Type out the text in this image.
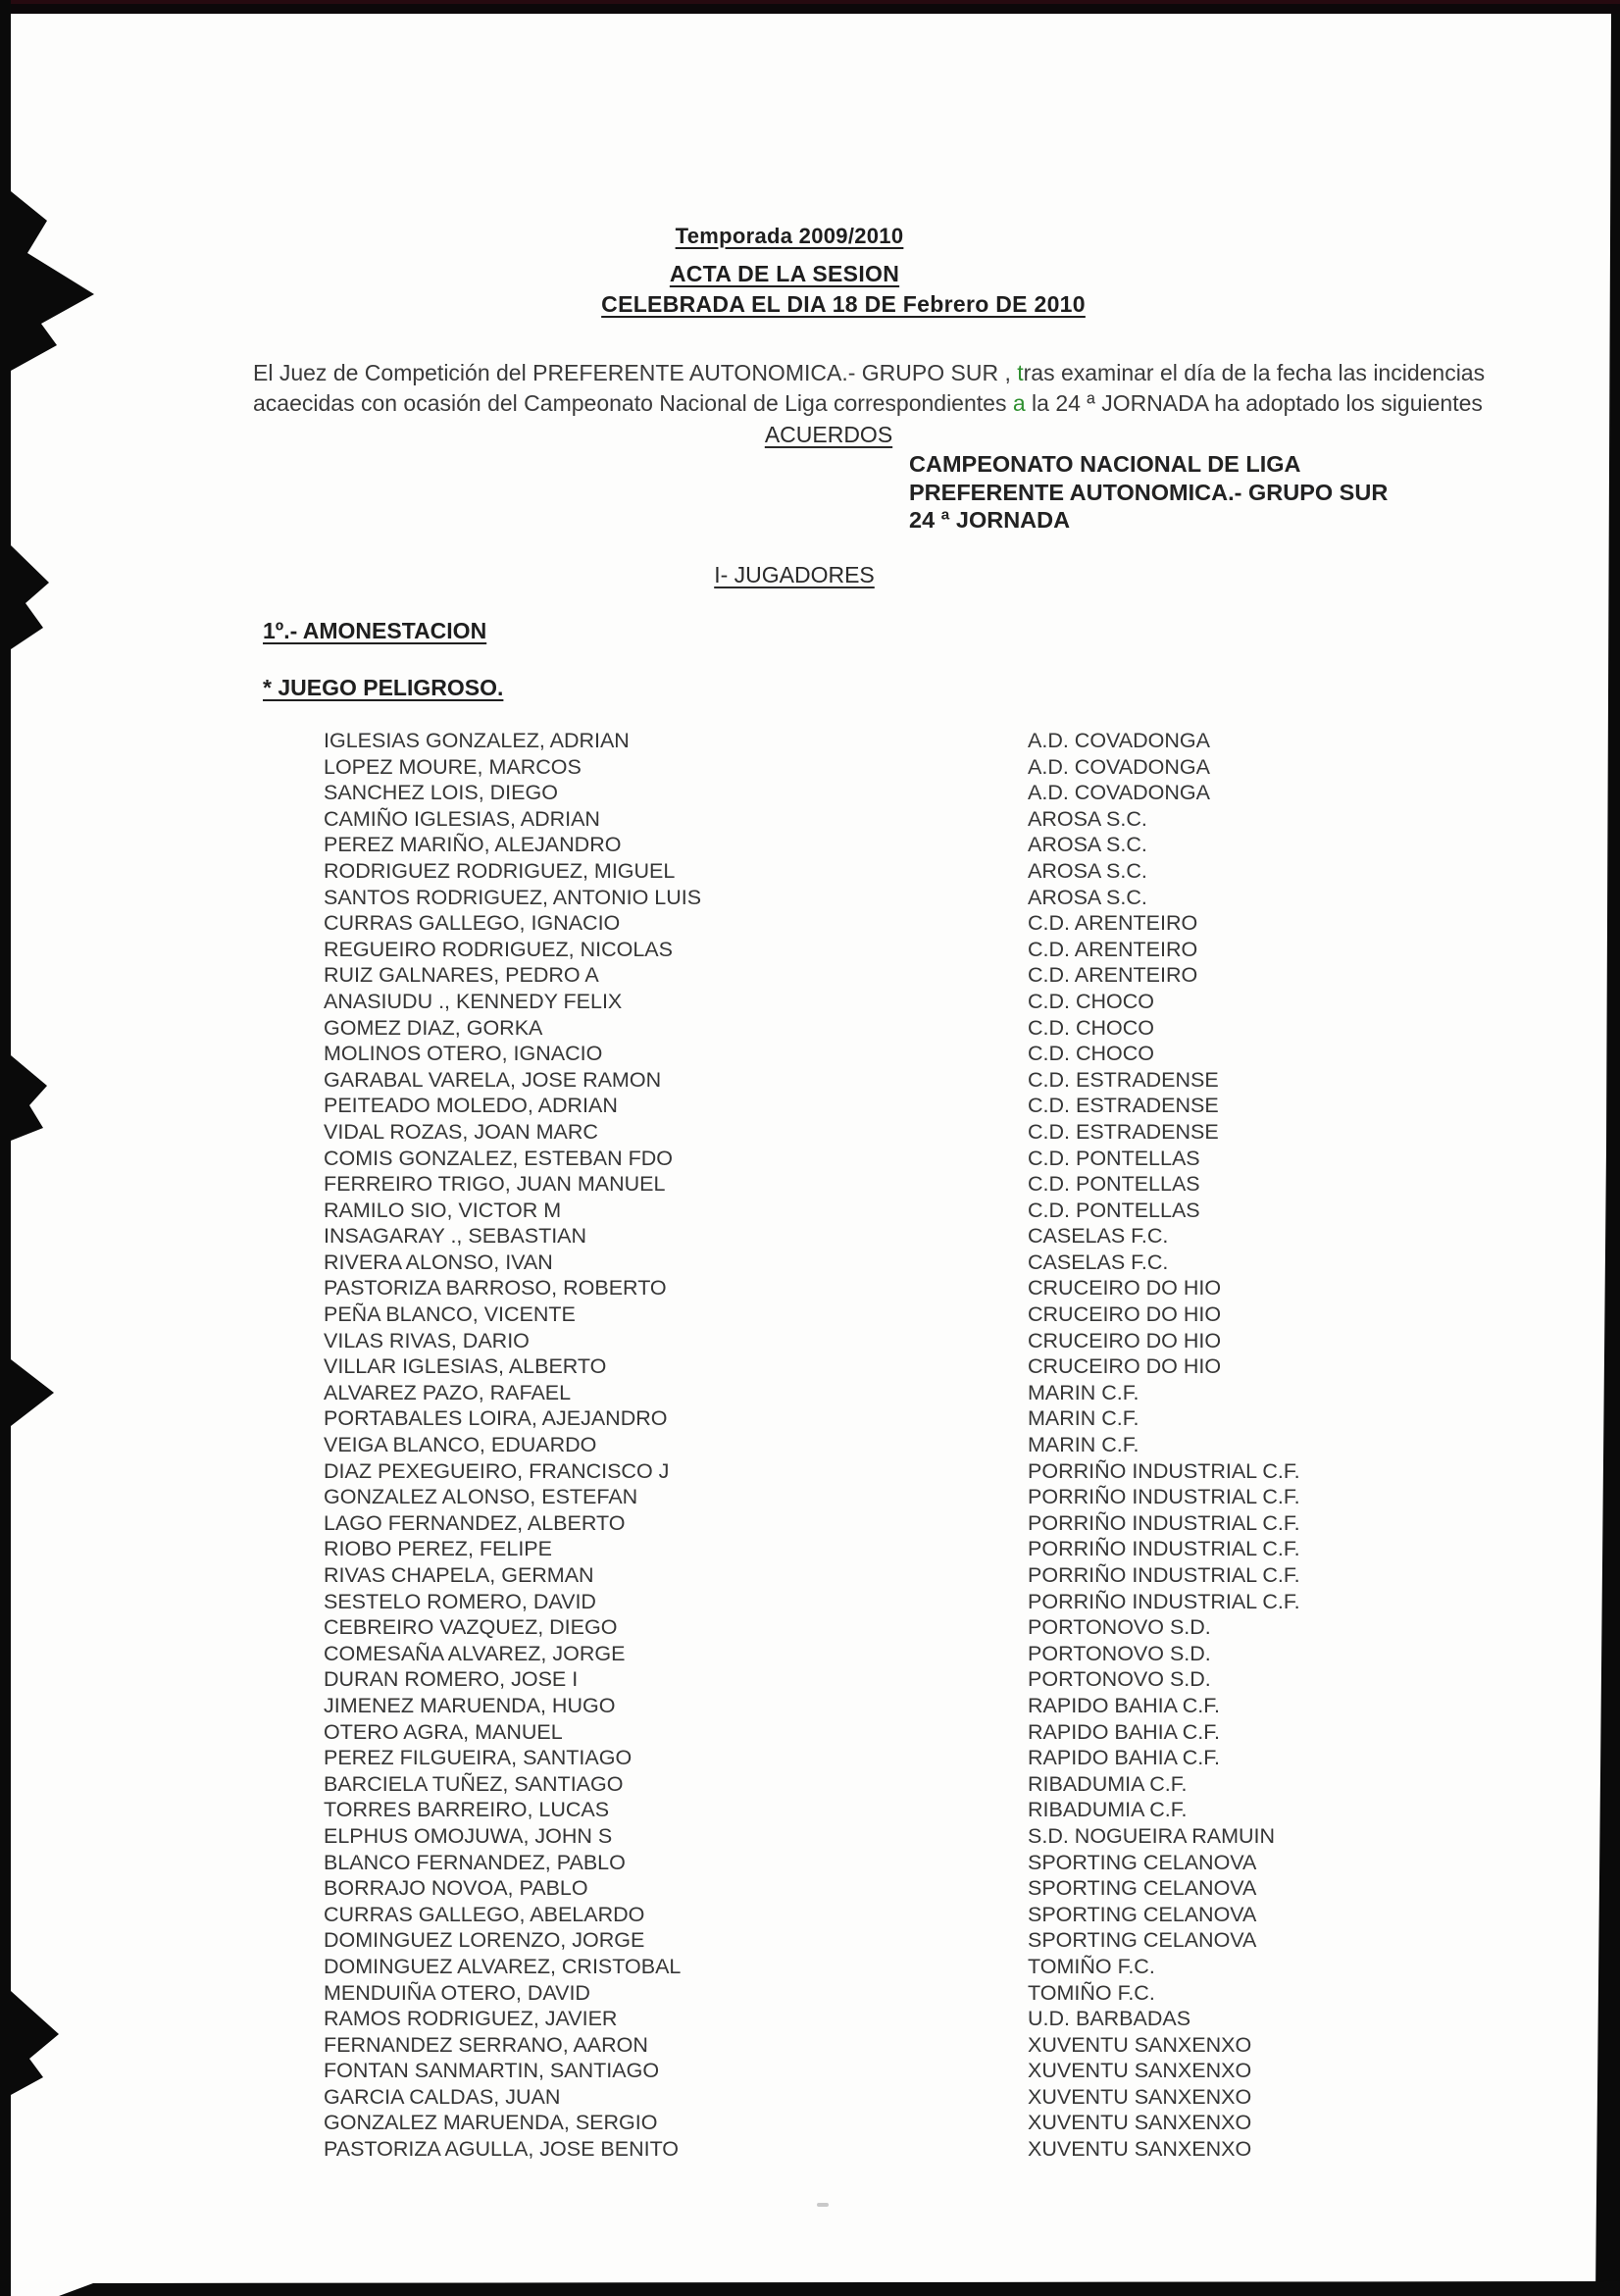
Temporada 2009/2010
ACTA DE LA SESION
CELEBRADA EL DIA 18 DE Febrero DE 2010

El Juez de Competición del PREFERENTE AUTONOMICA.- GRUPO SUR , tras examinar el día de la fecha las incidencias

acaecidas con ocasión del Campeonato Nacional de Liga correspondientes a la 24 ª JORNADA ha adoptado los siguientes

ACUERDOS
CAMPEONATO NACIONAL DE LIGA
PREFERENTE AUTONOMICA.- GRUPO SUR
24 ª JORNADA
I- JUGADORES
1º.- AMONESTACION
* JUEGO PELIGROSO.
IGLESIAS GONZALEZ, ADRIAN	A.D. COVADONGA
LOPEZ MOURE, MARCOS	A.D. COVADONGA
SANCHEZ LOIS, DIEGO	A.D. COVADONGA
CAMIÑO IGLESIAS, ADRIAN	AROSA S.C.
PEREZ MARIÑO, ALEJANDRO	AROSA S.C.
RODRIGUEZ RODRIGUEZ, MIGUEL	AROSA S.C.
SANTOS RODRIGUEZ, ANTONIO LUIS	AROSA S.C.
CURRAS GALLEGO, IGNACIO	C.D. ARENTEIRO
REGUEIRO RODRIGUEZ, NICOLAS	C.D. ARENTEIRO
RUIZ GALNARES, PEDRO A	C.D. ARENTEIRO
ANASIUDU ., KENNEDY FELIX	C.D. CHOCO
GOMEZ DIAZ, GORKA	C.D. CHOCO
MOLINOS OTERO, IGNACIO	C.D. CHOCO
GARABAL VARELA, JOSE RAMON	C.D. ESTRADENSE
PEITEADO MOLEDO, ADRIAN	C.D. ESTRADENSE
VIDAL ROZAS, JOAN MARC	C.D. ESTRADENSE
COMIS GONZALEZ, ESTEBAN FDO	C.D. PONTELLAS
FERREIRO TRIGO, JUAN MANUEL	C.D. PONTELLAS
RAMILO SIO, VICTOR M	C.D. PONTELLAS
INSAGARAY ., SEBASTIAN	CASELAS F.C.
RIVERA ALONSO, IVAN	CASELAS F.C.
PASTORIZA BARROSO, ROBERTO	CRUCEIRO DO HIO
PEÑA BLANCO, VICENTE	CRUCEIRO DO HIO
VILAS RIVAS, DARIO	CRUCEIRO DO HIO
VILLAR IGLESIAS, ALBERTO	CRUCEIRO DO HIO
ALVAREZ PAZO, RAFAEL	MARIN C.F.
PORTABALES LOIRA, AJEJANDRO	MARIN C.F.
VEIGA BLANCO, EDUARDO	MARIN C.F.
DIAZ PEXEGUEIRO, FRANCISCO J	PORRIÑO INDUSTRIAL C.F.
GONZALEZ ALONSO, ESTEFAN	PORRIÑO INDUSTRIAL C.F.
LAGO FERNANDEZ, ALBERTO	PORRIÑO INDUSTRIAL C.F.
RIOBO PEREZ, FELIPE	PORRIÑO INDUSTRIAL C.F.
RIVAS CHAPELA, GERMAN	PORRIÑO INDUSTRIAL C.F.
SESTELO ROMERO, DAVID	PORRIÑO INDUSTRIAL C.F.
CEBREIRO VAZQUEZ, DIEGO	PORTONOVO S.D.
COMESAÑA ALVAREZ, JORGE	PORTONOVO S.D.
DURAN ROMERO, JOSE I	PORTONOVO S.D.
JIMENEZ MARUENDA, HUGO	RAPIDO BAHIA C.F.
OTERO AGRA, MANUEL	RAPIDO BAHIA C.F.
PEREZ FILGUEIRA, SANTIAGO	RAPIDO BAHIA C.F.
BARCIELA TUÑEZ, SANTIAGO	RIBADUMIA C.F.
TORRES BARREIRO, LUCAS	RIBADUMIA C.F.
ELPHUS OMOJUWA, JOHN S	S.D. NOGUEIRA RAMUIN
BLANCO FERNANDEZ, PABLO	SPORTING CELANOVA
BORRAJO NOVOA, PABLO	SPORTING CELANOVA
CURRAS GALLEGO, ABELARDO	SPORTING CELANOVA
DOMINGUEZ LORENZO, JORGE	SPORTING CELANOVA
DOMINGUEZ ALVAREZ, CRISTOBAL	TOMIÑO F.C.
MENDUIÑA OTERO, DAVID	TOMIÑO F.C.
RAMOS RODRIGUEZ, JAVIER	U.D. BARBADAS
FERNANDEZ SERRANO, AARON	XUVENTU SANXENXO
FONTAN SANMARTIN, SANTIAGO	XUVENTU SANXENXO
GARCIA CALDAS, JUAN	XUVENTU SANXENXO
GONZALEZ MARUENDA, SERGIO	XUVENTU SANXENXO
PASTORIZA AGULLA, JOSE BENITO	XUVENTU SANXENXO
